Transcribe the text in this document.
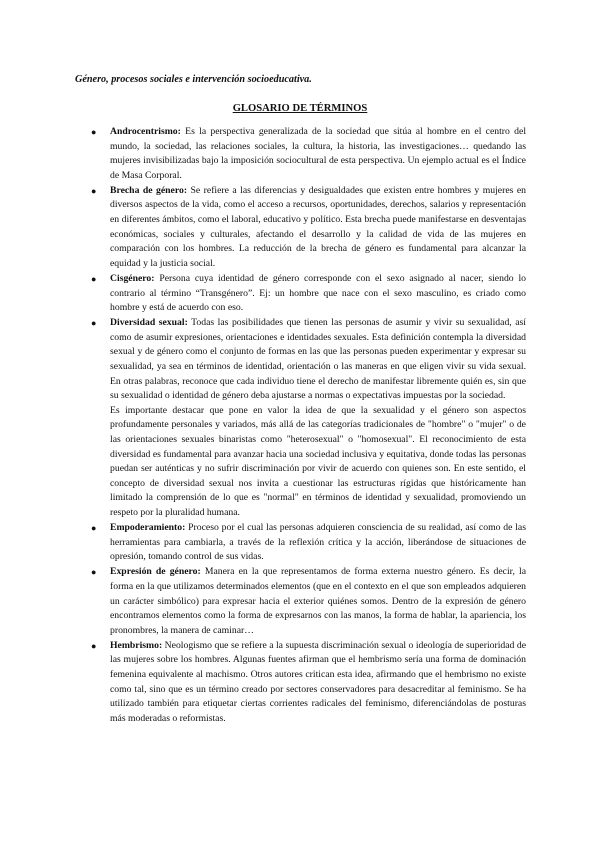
Género, procesos sociales e intervención socioeducativa.

GLOSARIO DE TÉRMINOS
● Androcentrismo: Es la perspectiva generalizada de la sociedad que sitúa al hombre en el centro del mundo, la sociedad, las relaciones sociales, la cultura, la historia, las investigaciones… quedando las mujeres invisibilizadas bajo la imposición sociocultural de esta perspectiva. Un ejemplo actual es el Índice de Masa Corporal.
● Brecha de género: Se refiere a las diferencias y desigualdades que existen entre hombres y mujeres en diversos aspectos de la vida, como el acceso a recursos, oportunidades, derechos, salarios y representación en diferentes ámbitos, como el laboral, educativo y político. Esta brecha puede manifestarse en desventajas económicas, sociales y culturales, afectando el desarrollo y la calidad de vida de las mujeres en comparación con los hombres. La reducción de la brecha de género es fundamental para alcanzar la equidad y la justicia social.
● Cisgénero: Persona cuya identidad de género corresponde con el sexo asignado al nacer, siendo lo contrario al término “Transgénero”. Ej: un hombre que nace con el sexo masculino, es criado como hombre y está de acuerdo con eso.
● Diversidad sexual: Todas las posibilidades que tienen las personas de asumir y vivir su sexualidad, así como de asumir expresiones, orientaciones e identidades sexuales. Esta definición contempla la diversidad sexual y de género como el conjunto de formas en las que las personas pueden experimentar y expresar su sexualidad, ya sea en términos de identidad, orientación o las maneras en que eligen vivir su vida sexual. En otras palabras, reconoce que cada individuo tiene el derecho de manifestar libremente quién es, sin que su sexualidad o identidad de género deba ajustarse a normas o expectativas impuestas por la sociedad.
Es importante destacar que pone en valor la idea de que la sexualidad y el género son aspectos profundamente personales y variados, más allá de las categorías tradicionales de "hombre" o "mujer" o de las orientaciones sexuales binaristas como "heterosexual" o "homosexual". El reconocimiento de esta diversidad es fundamental para avanzar hacia una sociedad inclusiva y equitativa, donde todas las personas puedan ser auténticas y no sufrir discriminación por vivir de acuerdo con quienes son. En este sentido, el concepto de diversidad sexual nos invita a cuestionar las estructuras rígidas que históricamente han limitado la comprensión de lo que es "normal" en términos de identidad y sexualidad, promoviendo un respeto por la pluralidad humana.
● Empoderamiento: Proceso por el cual las personas adquieren consciencia de su realidad, así como de las herramientas para cambiarla, a través de la reflexión crítica y la acción, liberándose de situaciones de opresión, tomando control de sus vidas.
● Expresión de género: Manera en la que representamos de forma externa nuestro género. Es decir, la forma en la que utilizamos determinados elementos (que en el contexto en el que son empleados adquieren un carácter simbólico) para expresar hacia el exterior quiénes somos. Dentro de la expresión de género encontramos elementos como la forma de expresarnos con las manos, la forma de hablar, la apariencia, los pronombres, la manera de caminar…
● Hembrismo: Neologismo que se refiere a la supuesta discriminación sexual o ideología de superioridad de las mujeres sobre los hombres. Algunas fuentes afirman que el hembrismo sería una forma de dominación femenina equivalente al machismo. Otros autores critican esta idea, afirmando que el hembrismo no existe como tal, sino que es un término creado por sectores conservadores para desacreditar al feminismo. Se ha utilizado también para etiquetar ciertas corrientes radicales del feminismo, diferenciándolas de posturas más moderadas o reformistas.
